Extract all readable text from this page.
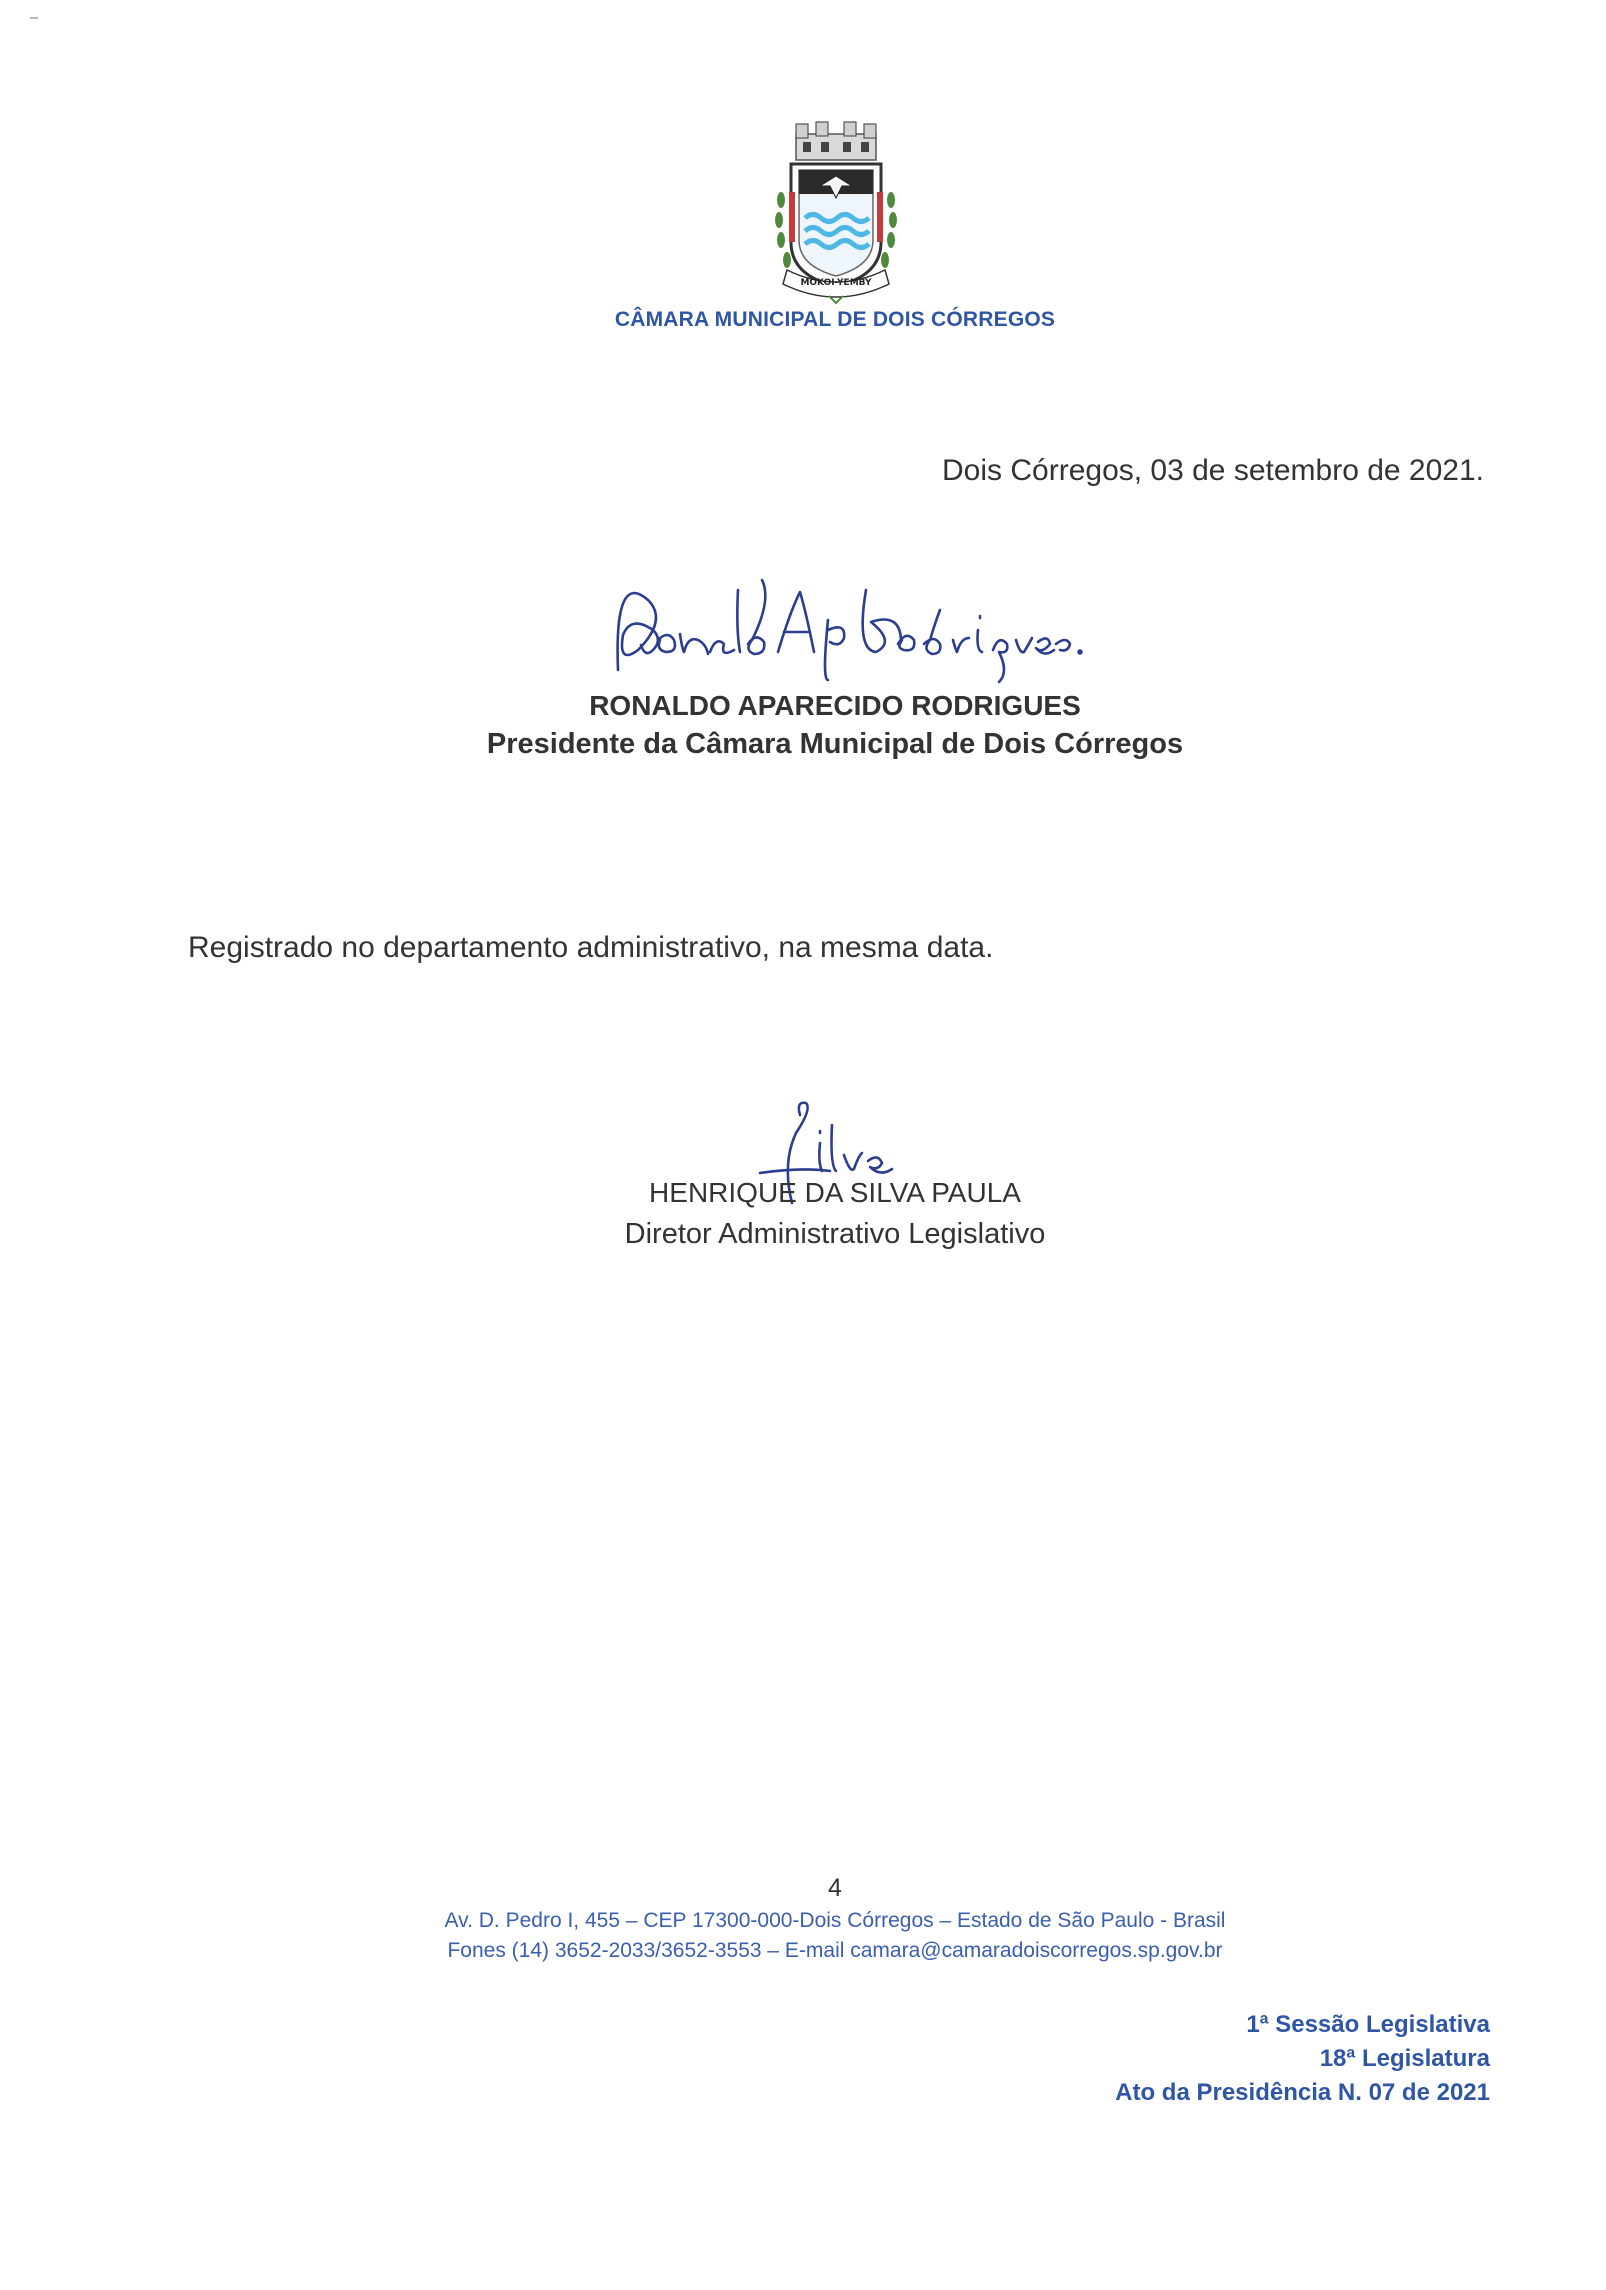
MOKOI-YEMBY
CÂMARA MUNICIPAL DE DOIS CÓRREGOS
Dois Córregos, 03 de setembro de 2021.
RONALDO APARECIDO RODRIGUES
Presidente da Câmara Municipal de Dois Córregos
Registrado no departamento administrativo, na mesma data.
HENRIQUE DA SILVA PAULA
Diretor Administrativo Legislativo
4
Av. D. Pedro I, 455 – CEP 17300-000-Dois Córregos – Estado de São Paulo - Brasil
Fones (14) 3652-2033/3652-3553 – E-mail camara@camaradoiscorregos.sp.gov.br
1ª Sessão Legislativa
18ª Legislatura
Ato da Presidência N. 07 de 2021
